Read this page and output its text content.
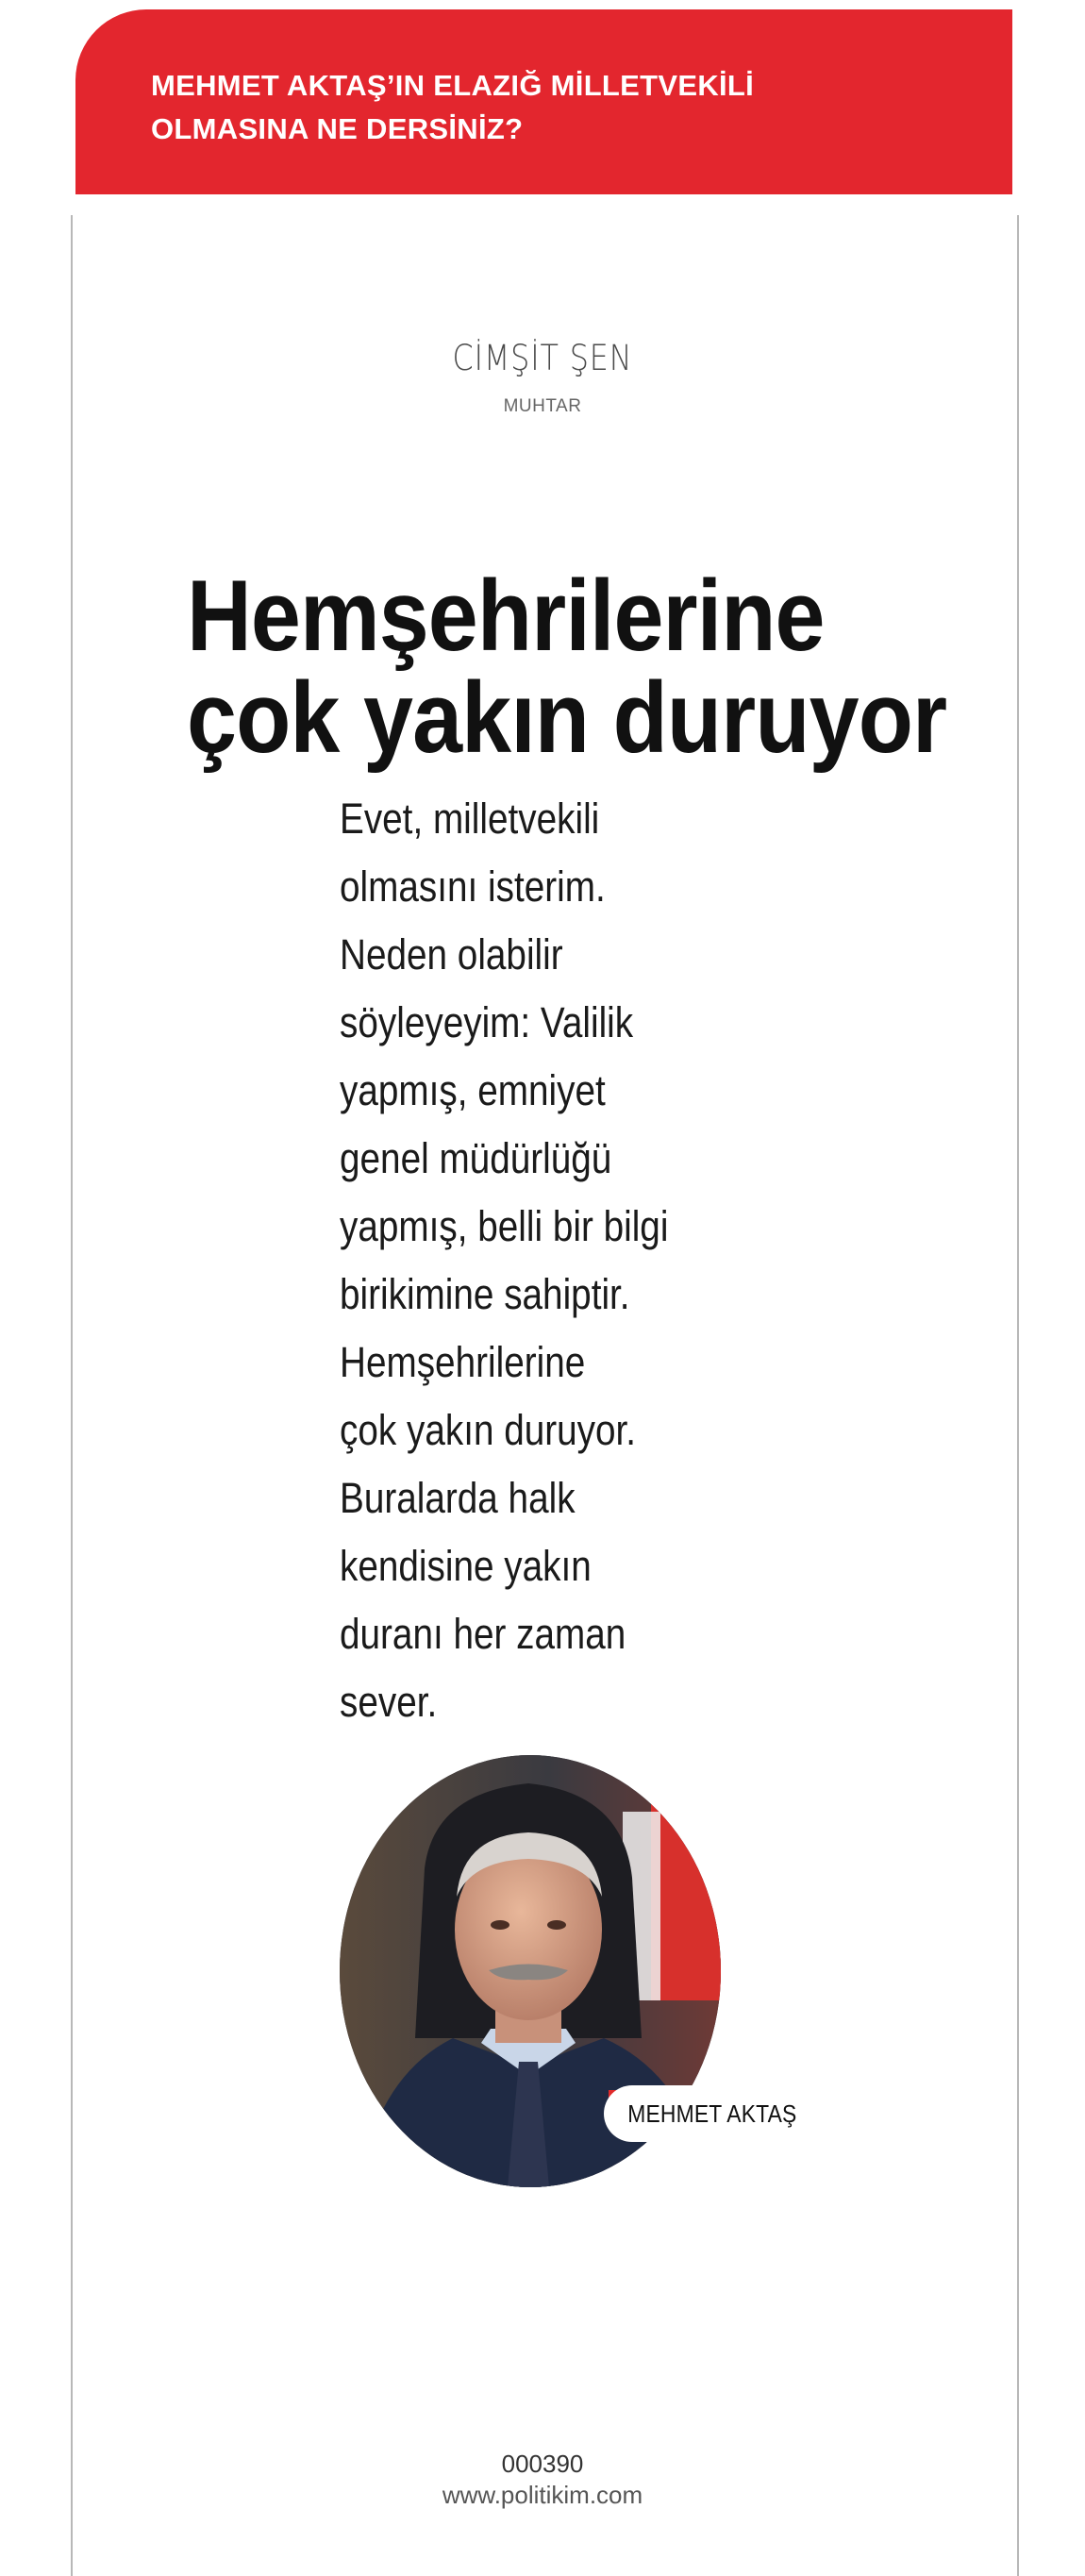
MEHMET AKTAŞ’IN ELAZIĞ MİLLETVEKİLİ
OLMASINA NE DERSİNİZ?
CİMŞİT ŞEN
MUHTAR
Hemşehrilerine
çok yakın duruyor
Evet, milletvekili
olmasını isterim.
Neden olabilir
söyleyeyim: Valilik
yapmış, emniyet
genel müdürlüğü
yapmış, belli bir bilgi
birikimine sahiptir.
Hemşehrilerine
çok yakın duruyor.
Buralarda halk
kendisine yakın
duranı her zaman
sever.
MEHMET AKTAŞ
000390
www.politikim.com
